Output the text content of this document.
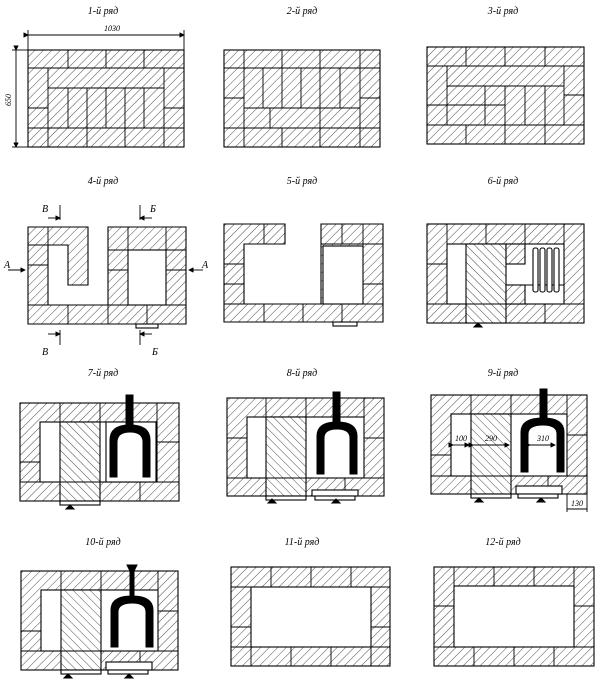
1-й ряд	2-й ряд	3-й ряд
4-й ряд	5-й ряд	6-й ряд
7-й ряд	8-й ряд	9-й ряд
10-й ряд	11-й ряд	12-й ряд
1030
650
В	Б
А	А
В	Б
100 290	310
130
